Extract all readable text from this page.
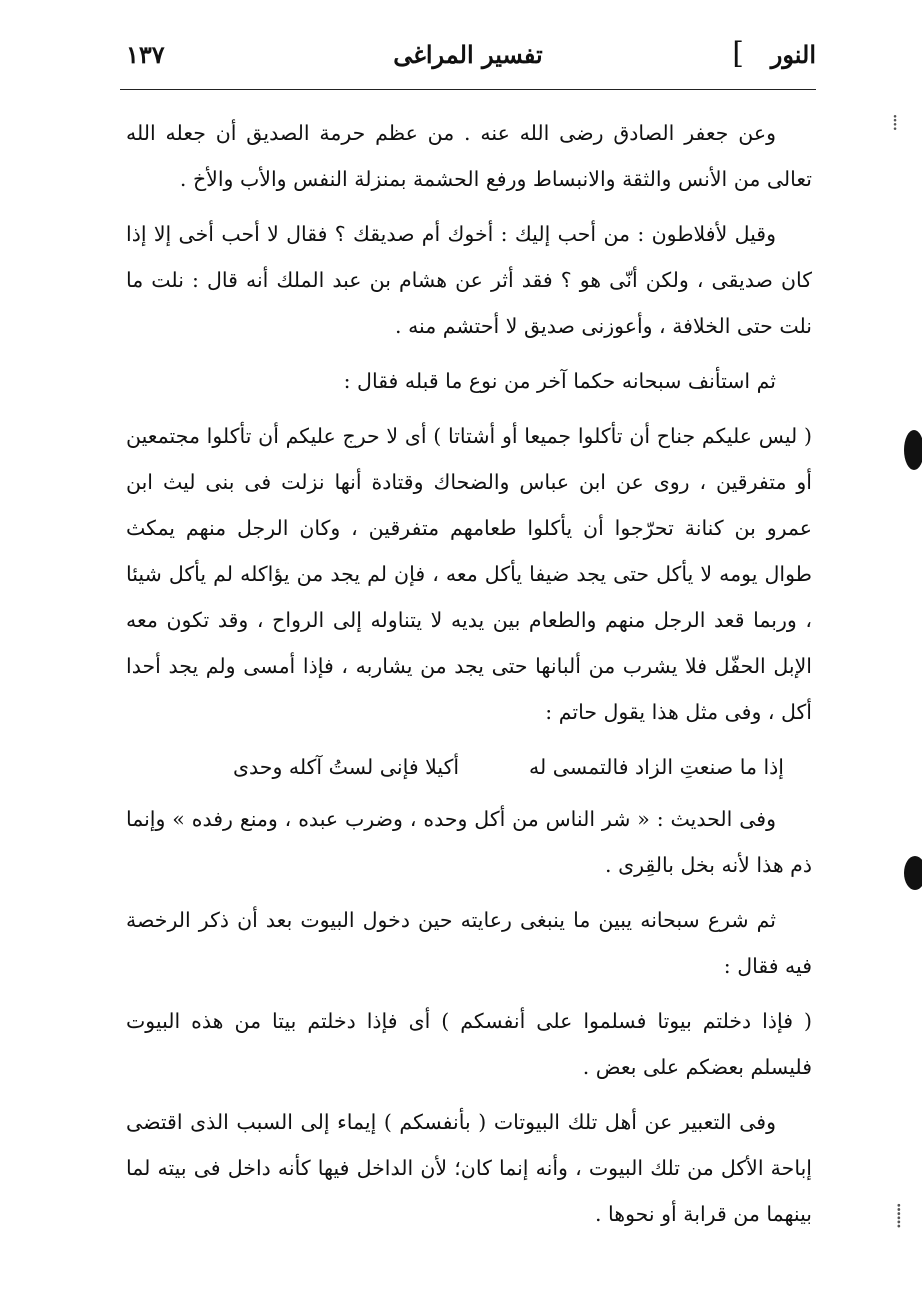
النور
]
تفسير المراغى
١٣٧

وعن جعفر الصادق رضى الله عنه . من عظم حرمة الصديق أن جعله الله تعالى من الأنس والثقة والانبساط ورفع الحشمة بمنزلة النفس والأب والأخ .

وقيل لأفلاطون : من أحب إليك : أخوك أم صديقك ؟ فقال لا أحب أخى إلا إذا كان صديقى ، ولكن أنّى هو ؟ فقد أثر عن هشام بن عبد الملك أنه قال : نلت ما نلت حتى الخلافة ، وأعوزنى صديق لا أحتشم منه .

ثم استأنف سبحانه حكما آخر من نوع ما قبله فقال :

( ليس عليكم جناح أن تأكلوا جميعا أو أشتاتا ) أى لا حرج عليكم أن تأكلوا مجتمعين أو متفرقين ، روى عن ابن عباس والضحاك وقتادة أنها نزلت فى بنى ليث ابن عمرو بن كنانة تحرّجوا أن يأكلوا طعامهم متفرقين ، وكان الرجل منهم يمكث طوال يومه لا يأكل حتى يجد ضيفا يأكل معه ، فإن لم يجد من يؤاكله لم يأكل شيئا ، وربما قعد الرجل منهم والطعام بين يديه لا يتناوله إلى الرواح ، وقد تكون معه الإبل الحفّل فلا يشرب من ألبانها حتى يجد من يشاربه ، فإذا أمسى ولم يجد أحدا أكل ، وفى مثل هذا يقول حاتم :

إذا ما صنعتِ الزاد فالتمسى له
أكيلا فإنى لستُ آكله وحدى

وفى الحديث : « شر الناس من أكل وحده ، وضرب عبده ، ومنع رفده » وإنما ذم هذا لأنه بخل بالقِرى .

ثم شرع سبحانه يبين ما ينبغى رعايته حين دخول البيوت بعد أن ذكر الرخصة فيه فقال :

( فإذا دخلتم بيوتا فسلموا على أنفسكم ) أى فإذا دخلتم بيتا من هذه البيوت فليسلم بعضكم على بعض .

وفى التعبير عن أهل تلك البيوتات ( بأنفسكم ) إيماء إلى السبب الذى اقتضى إباحة الأكل من تلك البيوت ، وأنه إنما كان؛ لأن الداخل فيها كأنه داخل فى بيته لما بينهما من قرابة أو نحوها .

⁞
⸽
